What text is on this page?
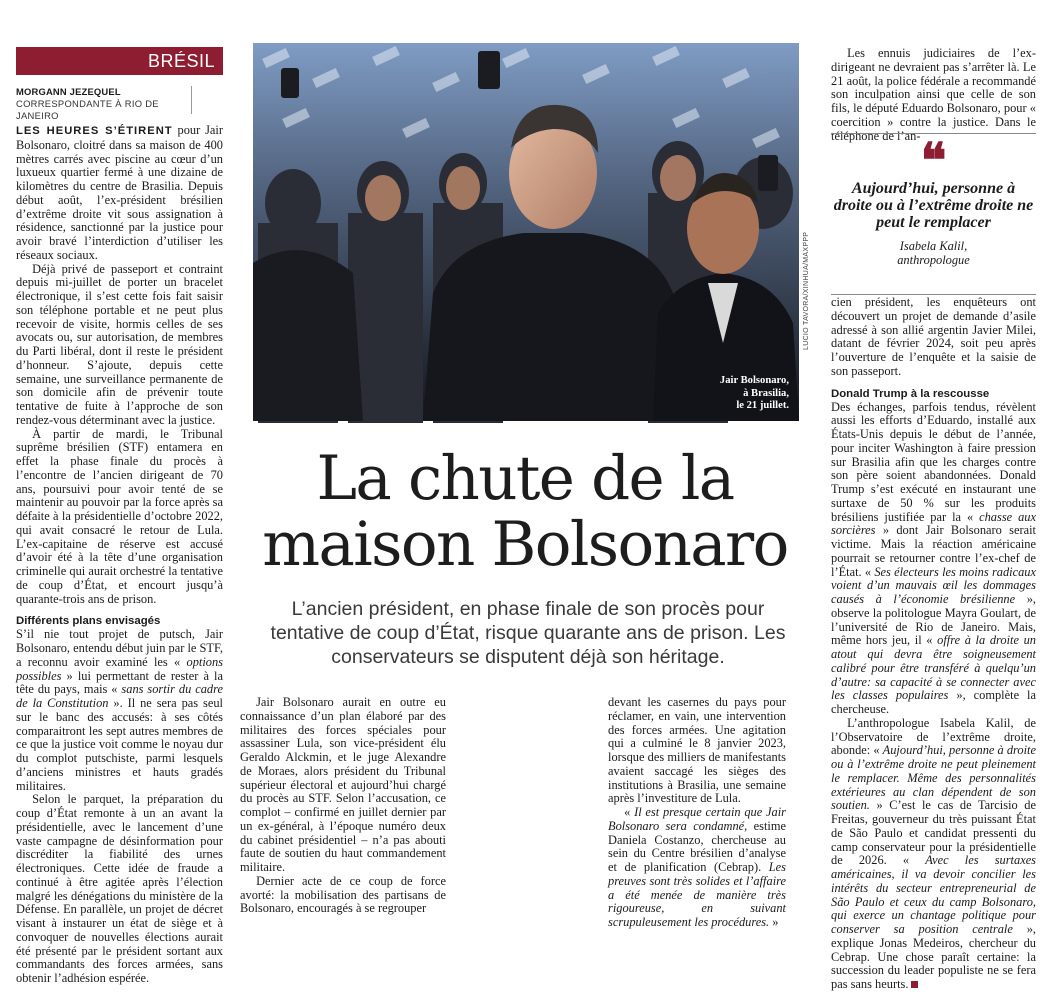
BRÉSIL
MORGANN JEZEQUEL
CORRESPONDANTE À RIO DE JANEIRO

LES HEURES S’ÉTIRENT pour Jair Bolsonaro, cloitré dans sa maison de 400 mètres carrés avec piscine au cœur d’un luxueux quartier fermé à une dizaine de kilomètres du centre de Brasilia. Depuis début août, l’ex-président brésilien d’extrême droite vit sous assignation à résidence, sanctionné par la justice pour avoir bravé l’interdiction d’utiliser les réseaux sociaux.

Déjà privé de passeport et contraint depuis mi-juillet de porter un bracelet électronique, il s’est cette fois fait saisir son téléphone portable et ne peut plus recevoir de visite, hormis celles de ses avocats ou, sur autorisation, de membres du Parti libéral, dont il reste le président d’honneur. S’ajoute, depuis cette semaine, une surveillance permanente de son domicile afin de prévenir toute tentative de fuite à l’approche de son rendez-vous déterminant avec la justice.

À partir de mardi, le Tribunal suprême brésilien (STF) entamera en effet la phase finale du procès à l’encontre de l’ancien dirigeant de 70 ans, poursuivi pour avoir tenté de se maintenir au pouvoir par la force après sa défaite à la présidentielle d’octobre 2022, qui avait consacré le retour de Lula. L’ex-capitaine de réserve est accusé d’avoir été à la tête d’une organisation criminelle qui aurait orchestré la tentative de coup d’État, et encourt jusqu’à quarante-trois ans de prison.

Différents plans envisagés

S’il nie tout projet de putsch, Jair Bolsonaro, entendu début juin par le STF, a reconnu avoir examiné les « options possibles » lui permettant de rester à la tête du pays, mais « sans sortir du cadre de la Constitution ». Il ne sera pas seul sur le banc des accusés: à ses côtés comparaitront les sept autres membres de ce que la justice voit comme le noyau dur du complot putschiste, parmi lesquels d’anciens ministres et hauts gradés militaires.

Selon le parquet, la préparation du coup d’État remonte à un an avant la présidentielle, avec le lancement d’une vaste campagne de désinformation pour discréditer la fiabilité des urnes électroniques. Cette idée de fraude a continué à être agitée après l’élection malgré les dénégations du ministère de la Défense. En parallèle, un projet de décret visant à instaurer un état de siège et à convoquer de nouvelles élections aurait été présenté par le président sortant aux commandants des forces armées, sans obtenir l’adhésion espérée.

Jair Bolsonaro,
à Brasilia,
le 21 juillet.
LUCIO TAVORA/XINHUA/MAXPPP
La chute de la maison Bolsonaro
L’ancien président, en phase finale de son procès pour tentative de coup d’État, risque quarante ans de prison. Les conservateurs se disputent déjà son héritage.

Jair Bolsonaro aurait en outre eu connaissance d’un plan élaboré par des militaires des forces spéciales pour assassiner Lula, son vice-président élu Geraldo Alckmin, et le juge Alexandre de Moraes, alors président du Tribunal supérieur électoral et aujourd’hui chargé du procès au STF. Selon l’accusation, ce complot – confirmé en juillet dernier par un ex-général, à l’époque numéro deux du cabinet présidentiel – n’a pas abouti faute de soutien du haut commandement militaire.

Dernier acte de ce coup de force avorté: la mobilisation des partisans de Bolsonaro, encouragés à se regrouper

devant les casernes du pays pour réclamer, en vain, une intervention des forces armées. Une agitation qui a culminé le 8 janvier 2023, lorsque des milliers de manifestants avaient saccagé les sièges des institutions à Brasilia, une semaine après l’investiture de Lula.

« Il est presque certain que Jair Bolsonaro sera condamné, estime Daniela Costanzo, chercheuse au sein du Centre brésilien d’analyse et de planification (Cebrap). Les preuves sont très solides et l’affaire a été menée de manière très rigoureuse, en suivant scrupuleusement les procédures. »

Les ennuis judiciaires de l’ex-dirigeant ne devraient pas s’arrêter là. Le 21 août, la police fédérale a recommandé son inculpation ainsi que celle de son fils, le député Eduardo Bolsonaro, pour « coercition » contre la justice. Dans le téléphone de l’an- ❝
Aujourd’hui, personne à droite ou à l’extrême droite ne peut le remplacer
Isabela Kalil,
anthropologue

cien président, les enquêteurs ont découvert un projet de demande d’asile adressé à son allié argentin Javier Milei, datant de février 2024, soit peu après l’ouverture de l’enquête et la saisie de son passeport.

Donald Trump à la rescousse

Des échanges, parfois tendus, révèlent aussi les efforts d’Eduardo, installé aux États-Unis depuis le début de l’année, pour inciter Washington à faire pression sur Brasilia afin que les charges contre son père soient abandonnées. Donald Trump s’est exécuté en instaurant une surtaxe de 50 % sur les produits brésiliens justifiée par la « chasse aux sorcières » dont Jair Bolsonaro serait victime. Mais la réaction américaine pourrait se retourner contre l’ex-chef de l’État. « Ses électeurs les moins radicaux voient d’un mauvais œil les dommages causés à l’économie brésilienne », observe la politologue Mayra Goulart, de l’université de Rio de Janeiro. Mais, même hors jeu, il « offre à la droite un atout qui devra être soigneusement calibré pour être transféré à quelqu’un d’autre: sa capacité à se connecter avec les classes populaires », complète la chercheuse.

L’anthropologue Isabela Kalil, de l’Observatoire de l’extrême droite, abonde: « Aujourd’hui, personne à droite ou à l’extrême droite ne peut pleinement le remplacer. Même des personnalités extérieures au clan dépendent de son soutien. » C’est le cas de Tarcisio de Freitas, gouverneur du très puissant État de São Paulo et candidat pressenti du camp conservateur pour la présidentielle de 2026. « Avec les surtaxes américaines, il va devoir concilier les intérêts du secteur entrepreneurial de São Paulo et ceux du camp Bolsonaro, qui exerce un chantage politique pour conserver sa position centrale », explique Jonas Medeiros, chercheur du Cebrap. Une chose paraît certaine: la succession du leader populiste ne se fera pas sans heurts.
